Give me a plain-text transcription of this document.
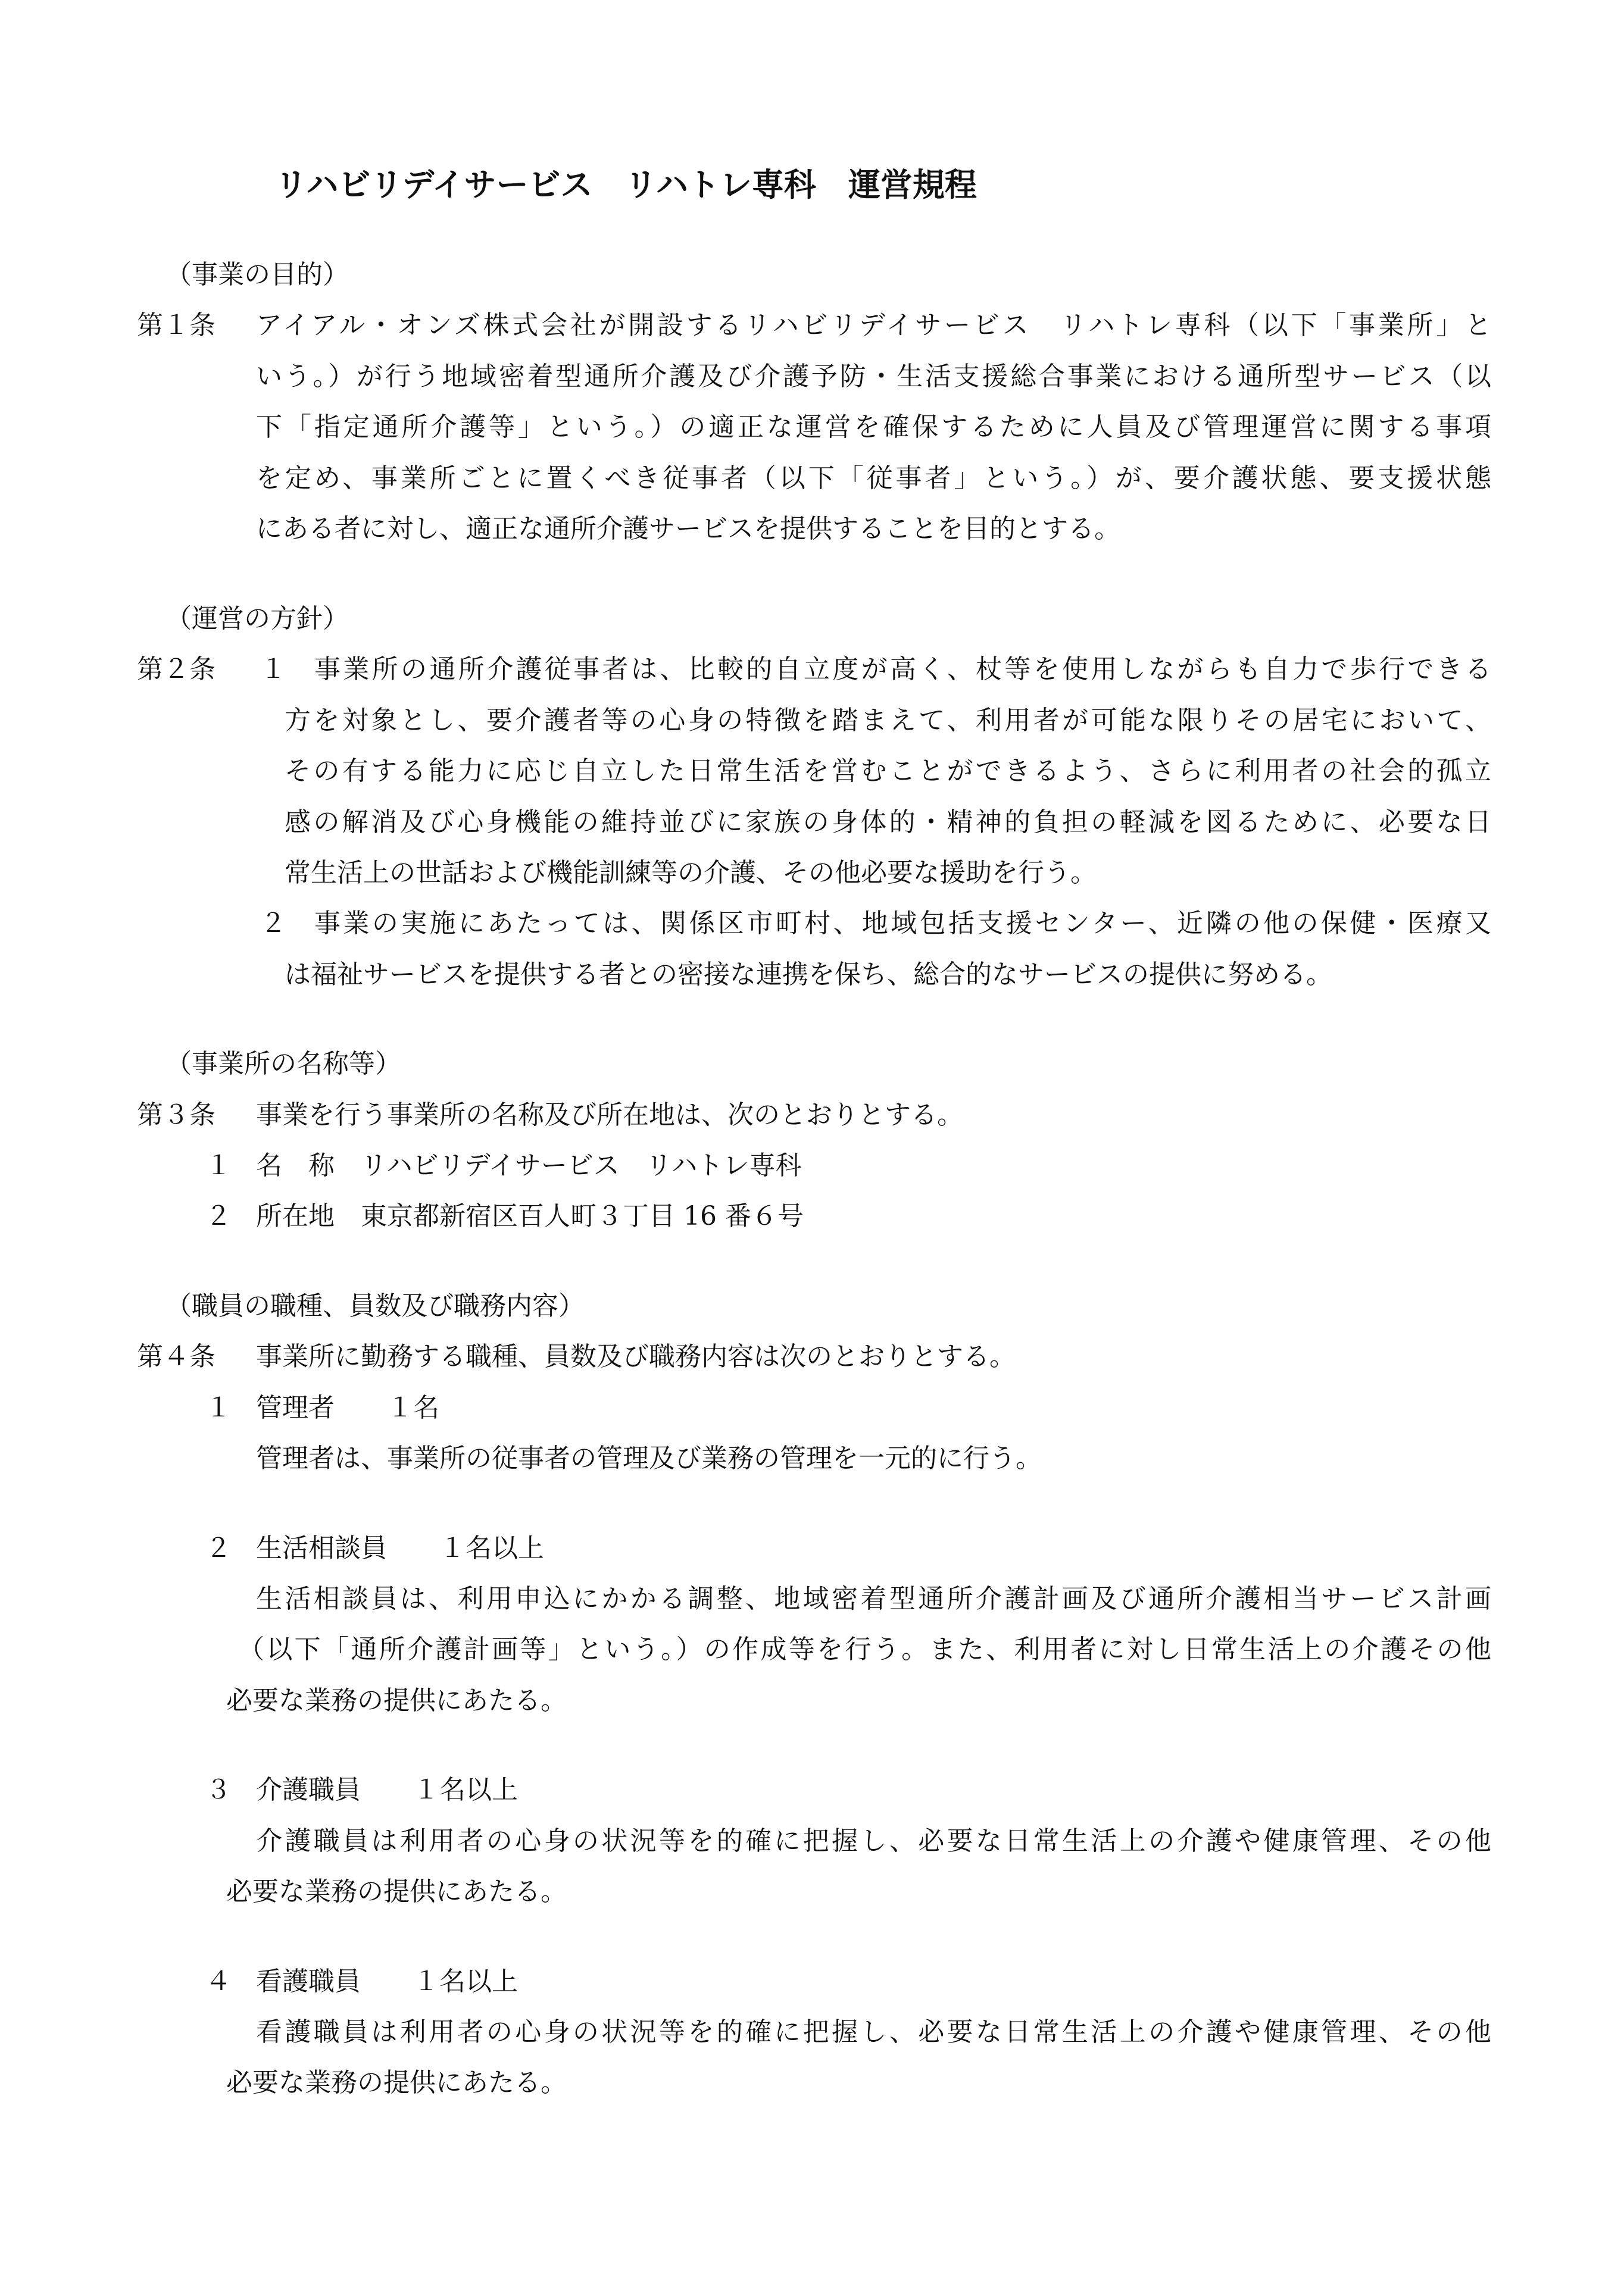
リハビリデイサービス　リハトレ専科　運営規程
（事業の目的）
第１条 アイアル・オンズ株式会社が開設するリハビリデイサービス　リハトレ専科（以下「事業所」と
いう。）が行う地域密着型通所介護及び介護予防・生活支援総合事業における通所型サービス（以
下「指定通所介護等」という。）の適正な運営を確保するために人員及び管理運営に関する事項
を定め、事業所ごとに置くべき従事者（以下「従事者」という。）が、要介護状態、要支援状態
にある者に対し、適正な通所介護サービスを提供することを目的とする。
（運営の方針）
第２条 １ 事業所の通所介護従事者は、比較的自立度が高く、杖等を使用しながらも自力で歩行できる
方を対象とし、要介護者等の心身の特徴を踏まえて、利用者が可能な限りその居宅において、
その有する能力に応じ自立した日常生活を営むことができるよう、さらに利用者の社会的孤立
感の解消及び心身機能の維持並びに家族の身体的・精神的負担の軽減を図るために、必要な日
常生活上の世話および機能訓練等の介護、その他必要な援助を行う。
２ 事業の実施にあたっては、関係区市町村、地域包括支援センター、近隣の他の保健・医療又
は福祉サービスを提供する者との密接な連携を保ち、総合的なサービスの提供に努める。
（事業所の名称等）
第３条 事業を行う事業所の名称及び所在地は、次のとおりとする。
１ 名　称　リハビリデイサービス　リハトレ専科
２ 所在地　東京都新宿区百人町３丁目 16 番６号
（職員の職種、員数及び職務内容）
第４条 事業所に勤務する職種、員数及び職務内容は次のとおりとする。
１ 管理者　　１名
管理者は、事業所の従事者の管理及び業務の管理を一元的に行う。
２ 生活相談員　　１名以上
生活相談員は、利用申込にかかる調整、地域密着型通所介護計画及び通所介護相当サービス計画
（以下「通所介護計画等」という。）の作成等を行う。また、利用者に対し日常生活上の介護その他
必要な業務の提供にあたる。
３ 介護職員　　１名以上
介護職員は利用者の心身の状況等を的確に把握し、必要な日常生活上の介護や健康管理、その他
必要な業務の提供にあたる。
４ 看護職員　　１名以上
看護職員は利用者の心身の状況等を的確に把握し、必要な日常生活上の介護や健康管理、その他
必要な業務の提供にあたる。
